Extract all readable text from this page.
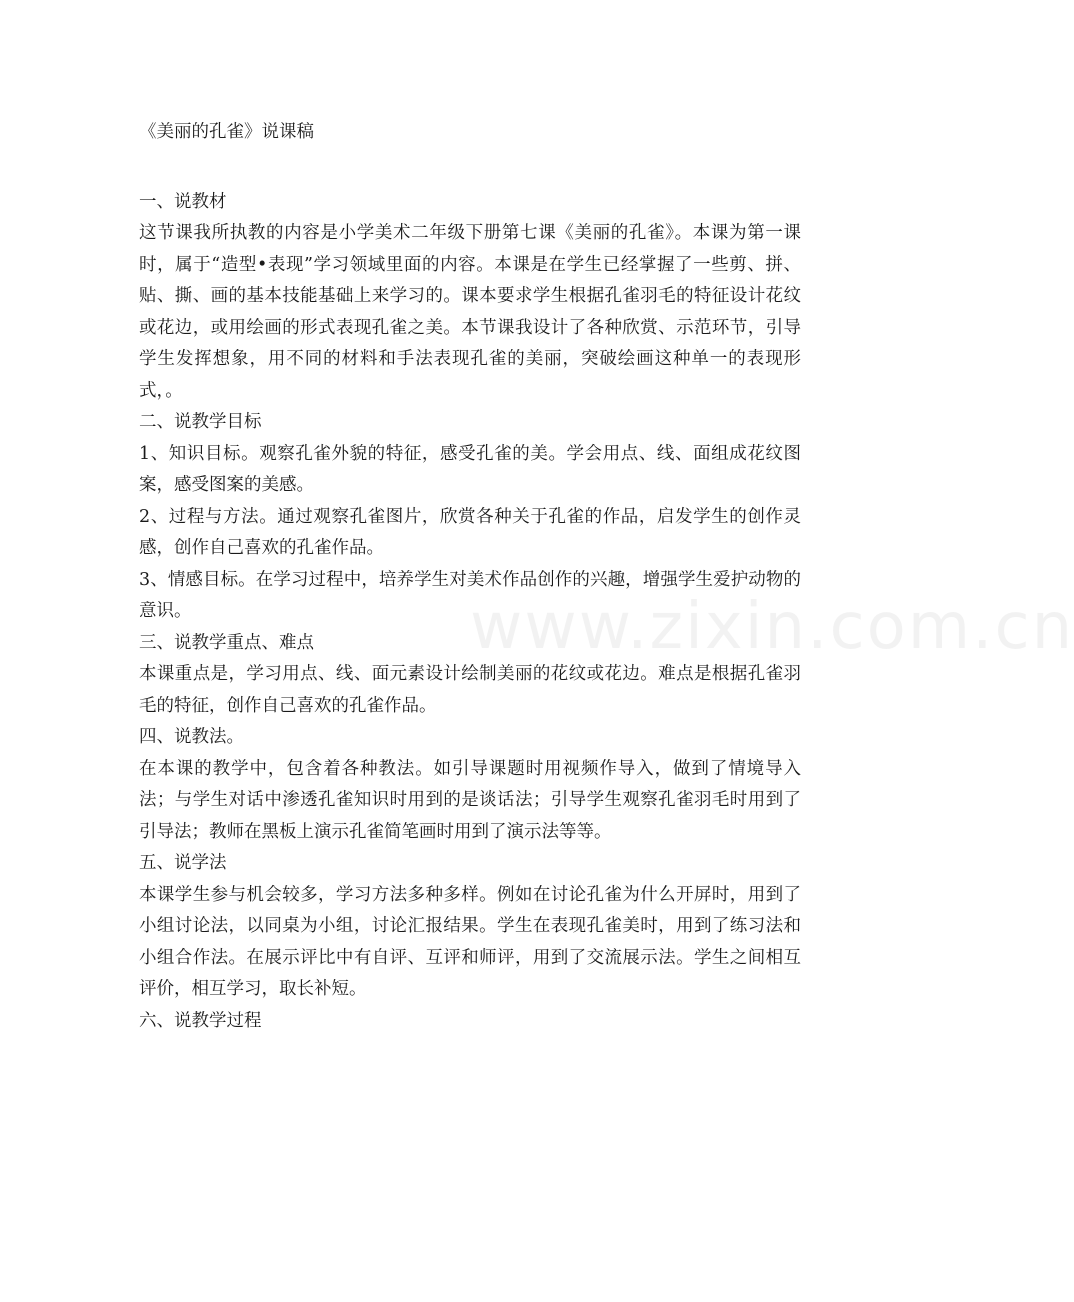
《美丽的孔雀》说课稿
一、说教材
这节课我所执教的内容是小学美术二年级下册第七课《美丽的孔雀》。本课为第一课时，属于“造型•表现”学习领域里面的内容。本课是在学生已经掌握了一些剪、拼、贴、撕、画的基本技能基础上来学习的。课本要求学生根据孔雀羽毛的特征设计花纹或花边，或用绘画的形式表现孔雀之美。本节课我设计了各种欣赏、示范环节，引导学生发挥想象，用不同的材料和手法表现孔雀的美丽，突破绘画这种单一的表现形式，。
二、说教学目标
1、知识目标。观察孔雀外貌的特征，感受孔雀的美。学会用点、线、面组成花纹图案，感受图案的美感。
2、过程与方法。通过观察孔雀图片，欣赏各种关于孔雀的作品，启发学生的创作灵感，创作自己喜欢的孔雀作品。
3、情感目标。在学习过程中，培养学生对美术作品创作的兴趣，增强学生爱护动物的意识。
三、说教学重点、难点
本课重点是，学习用点、线、面元素设计绘制美丽的花纹或花边。难点是根据孔雀羽毛的特征，创作自己喜欢的孔雀作品。
四、说教法。
在本课的教学中，包含着各种教法。如引导课题时用视频作导入，做到了情境导入法；与学生对话中渗透孔雀知识时用到的是谈话法；引导学生观察孔雀羽毛时用到了引导法；教师在黑板上演示孔雀简笔画时用到了演示法等等。
五、说学法
本课学生参与机会较多，学习方法多种多样。例如在讨论孔雀为什么开屏时，用到了小组讨论法，以同桌为小组，讨论汇报结果。学生在表现孔雀美时，用到了练习法和小组合作法。在展示评比中有自评、互评和师评，用到了交流展示法。学生之间相互评价，相互学习，取长补短。
六、说教学过程
www.zixin.com.cn
